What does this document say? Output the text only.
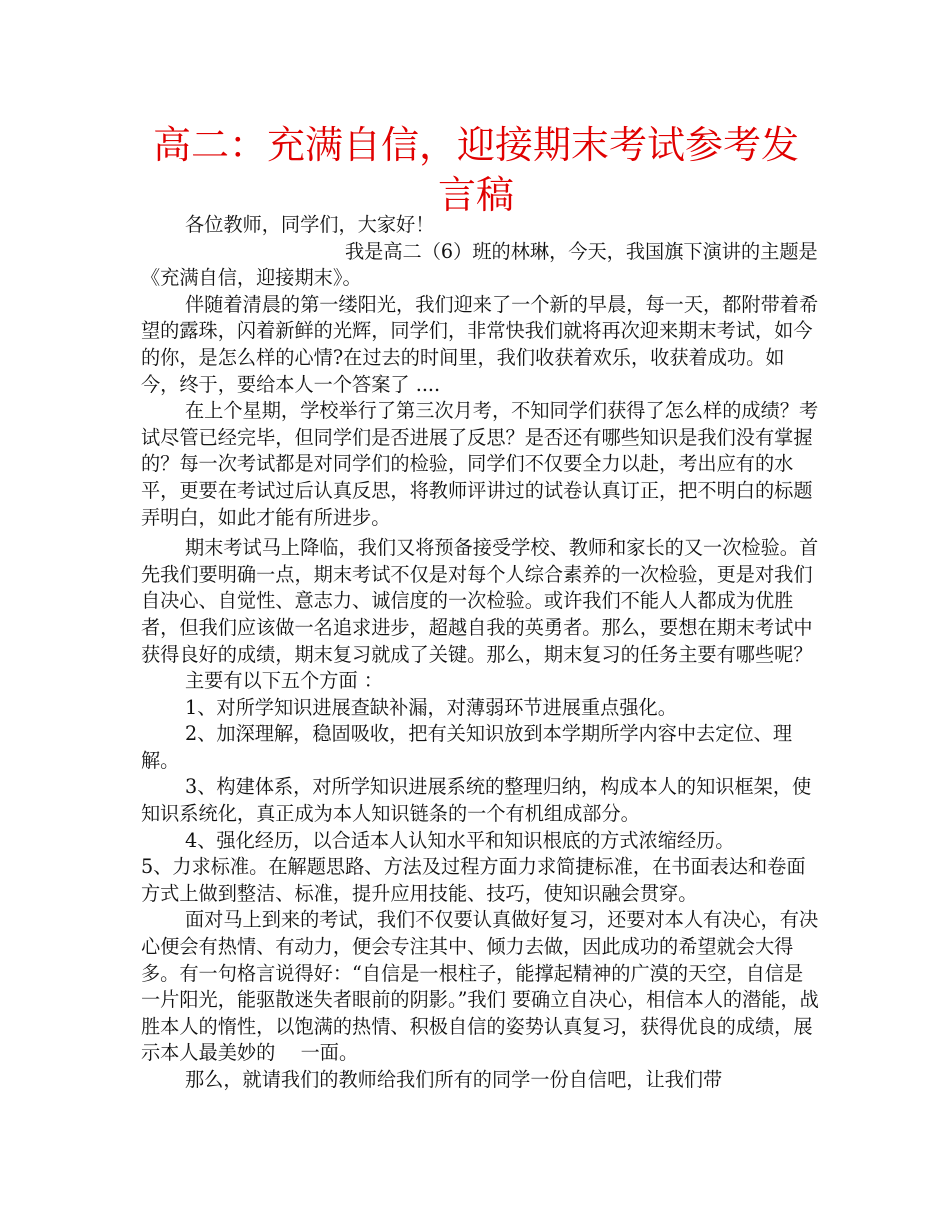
高二：充满自信，迎接期末考试参考发言稿

各位教师，同学们，大家好！

我是高二（6）班的林琳，今天，我国旗下演讲的主题是《充满自信，迎接期末》。

伴随着清晨的第一缕阳光，我们迎来了一个新的早晨，每一天，都附带着希望的露珠，闪着新鲜的光辉，同学们，非常快我们就将再次迎来期末考试，如今的你，是怎么样的心情?在过去的时间里，我们收获着欢乐，收获着成功。如今，终于，要给本人一个答案了 ....

在上个星期，学校举行了第三次月考，不知同学们获得了怎么样的成绩？考试尽管已经完毕，但同学们是否进展了反思？是否还有哪些知识是我们没有掌握的？每一次考试都是对同学们的检验，同学们不仅要全力以赴，考出应有的水平，更要在考试过后认真反思，将教师评讲过的试卷认真订正，把不明白的标题弄明白，如此才能有所进步。

期末考试马上降临，我们又将预备接受学校、教师和家长的又一次检验。首先我们要明确一点，期末考试不仅是对每个人综合素养的一次检验，更是对我们自决心、自觉性、意志力、诚信度的一次检验。或许我们不能人人都成为优胜者，但我们应该做一名追求进步，超越自我的英勇者。那么，要想在期末考试中获得良好的成绩，期末复习就成了关键。那么，期末复习的任务主要有哪些呢？

主要有以下五个方面 ：

1、对所学知识进展查缺补漏，对薄弱环节进展重点强化。

2、加深理解，稳固吸收，把有关知识放到本学期所学内容中去定位、理解。

3、构建体系，对所学知识进展系统的整理归纳，构成本人的知识框架，使知识系统化，真正成为本人知识链条的一个有机组成部分。

4、强化经历，以合适本人认知水平和知识根底的方式浓缩经历。

5、力求标准。在解题思路、方法及过程方面力求简捷标准，在书面表达和卷面方式上做到整洁、标准，提升应用技能、技巧，使知识融会贯穿。

面对马上到来的考试，我们不仅要认真做好复习，还要对本人有决心，有决心便会有热情、有动力，便会专注其中、倾力去做，因此成功的希望就会大得多。有一句格言说得好：“自信是一根柱子，能撑起精神的广漠的天空，自信是一片阳光，能驱散迷失者眼前的阴影。”我们 要确立自决心，相信本人的潜能，战胜本人的惰性，以饱满的热情、积极自信的姿势认真复习，获得优良的成绩，展示本人最美妙的　 一面。

那么，就请我们的教师给我们所有的同学一份自信吧，让我们带
